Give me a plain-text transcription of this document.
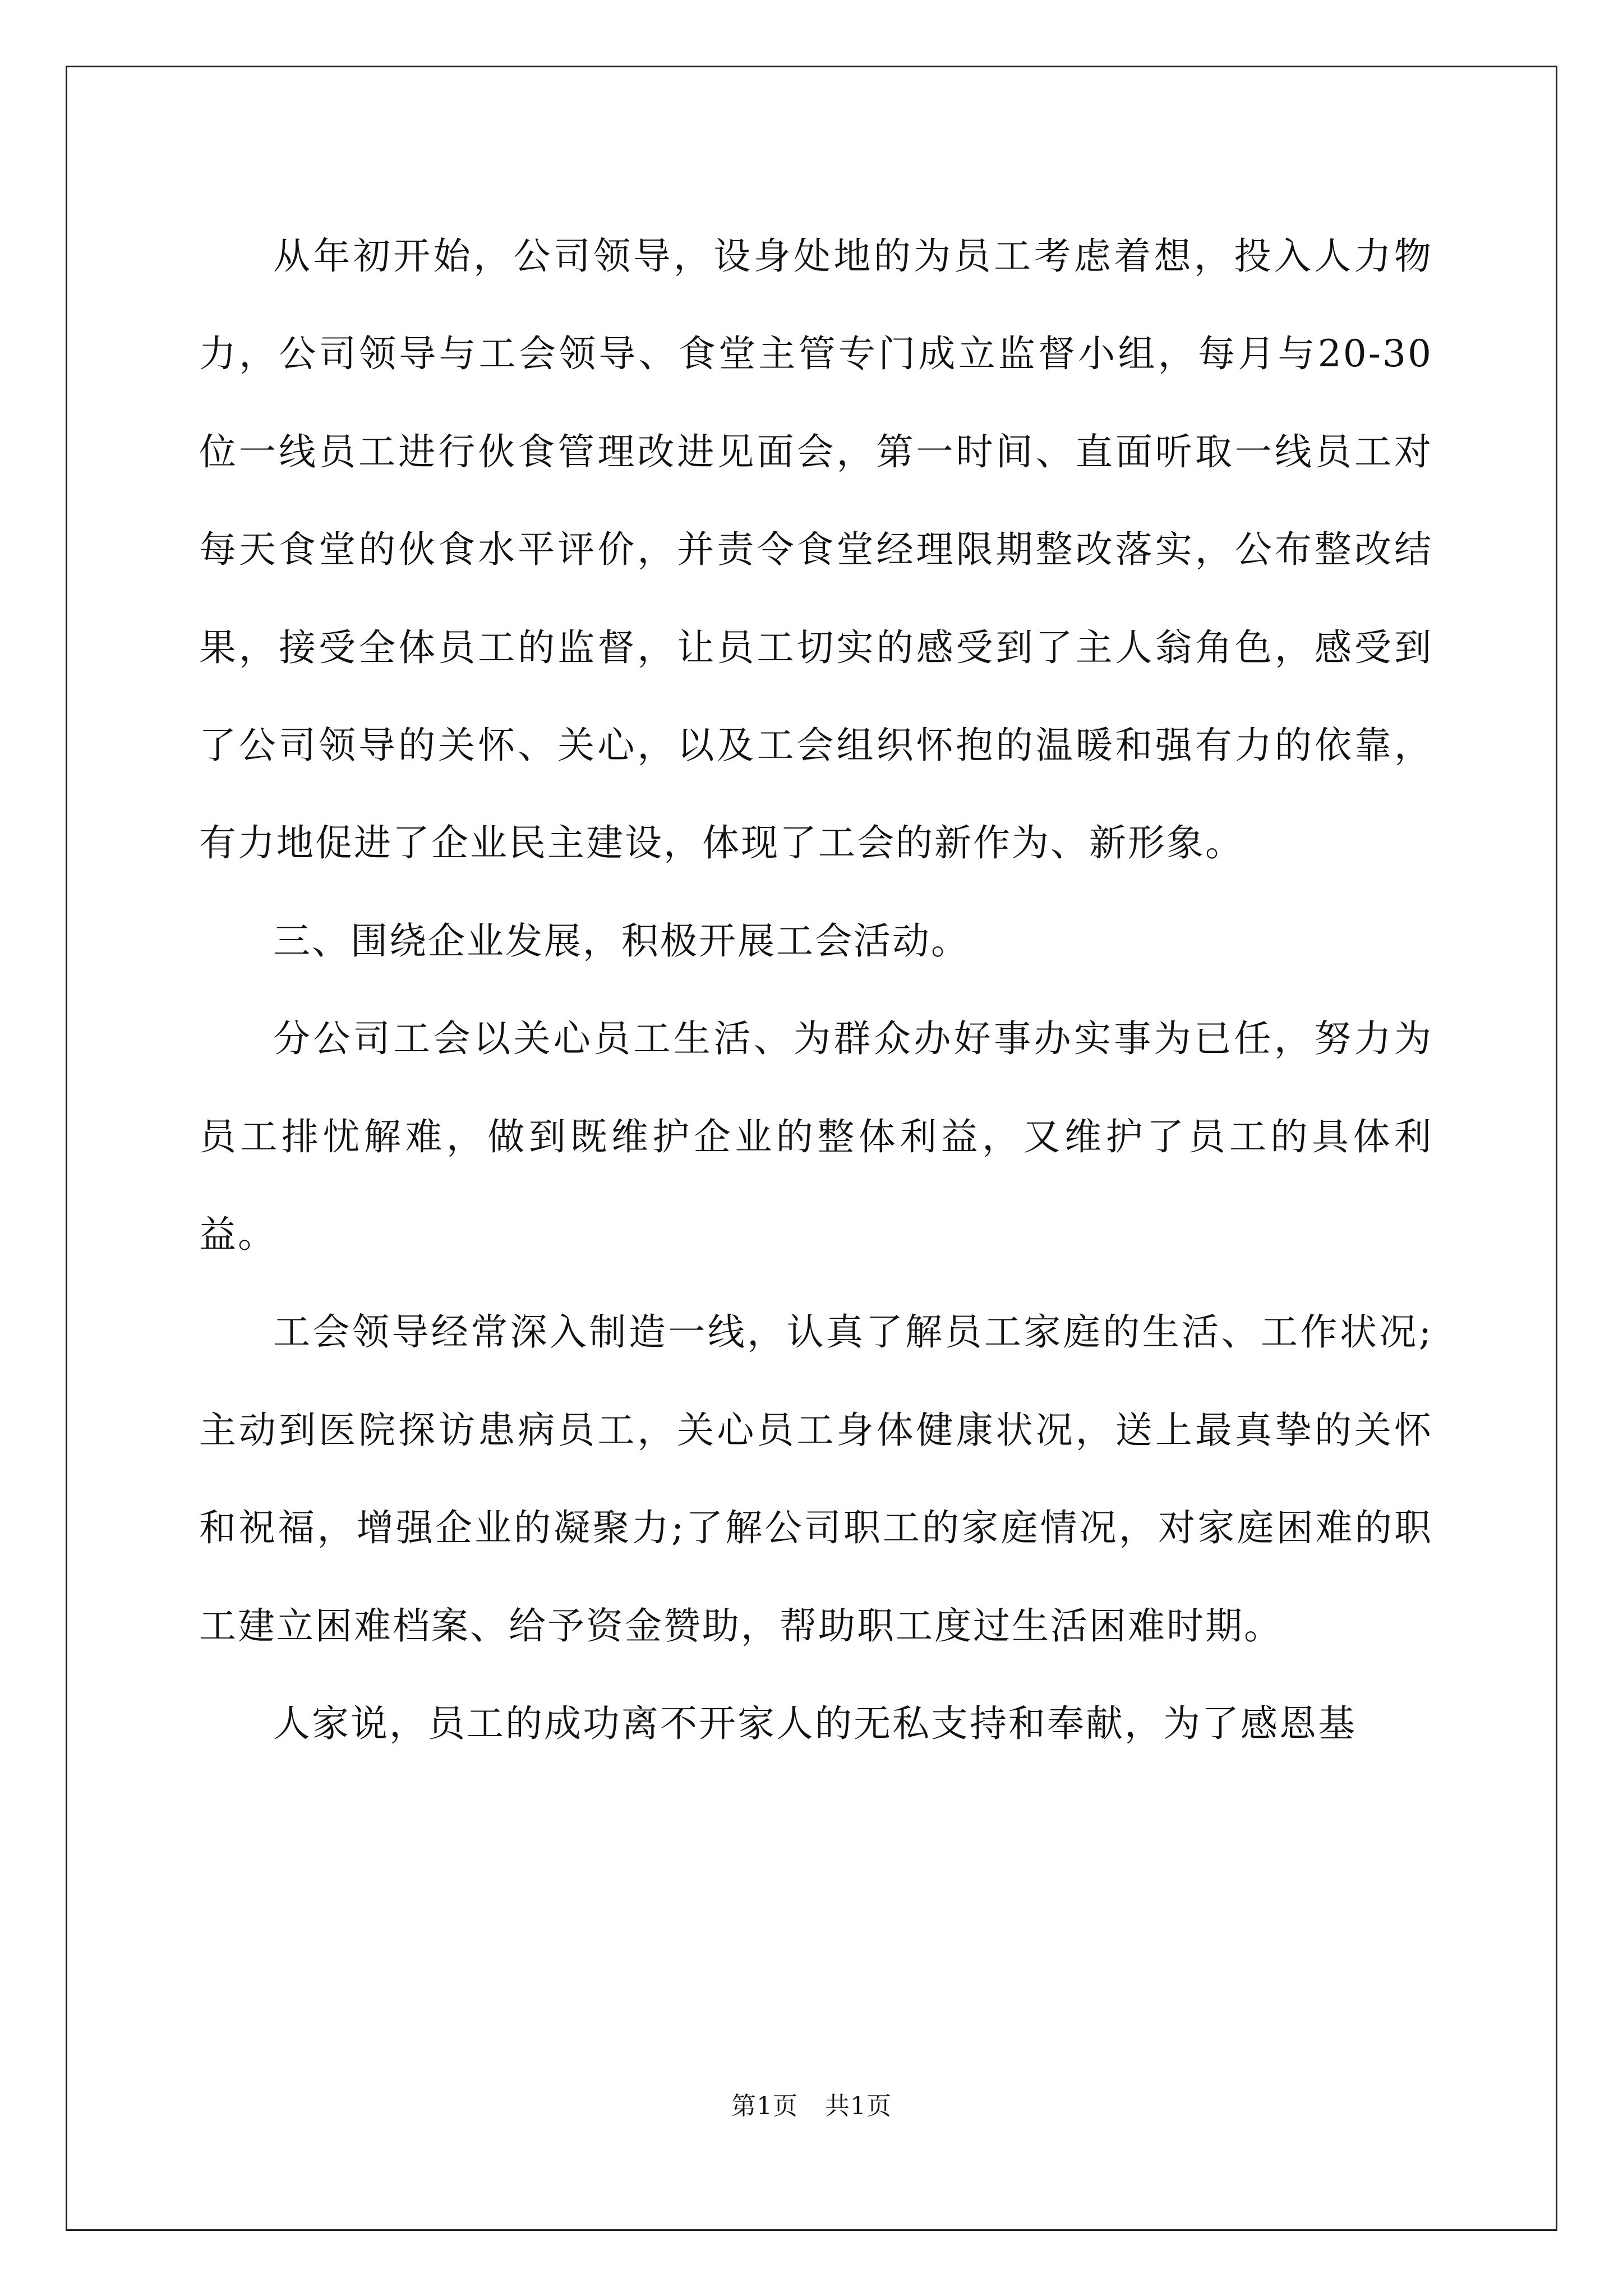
从年初开始，公司领导，设身处地的为员工考虑着想，投入人力物力，公司领导与工会领导、食堂主管专门成立监督小组，每月与20-30位一线员工进行伙食管理改进见面会，第一时间、直面听取一线员工对每天食堂的伙食水平评价，并责令食堂经理限期整改落实，公布整改结果，接受全体员工的监督，让员工切实的感受到了主人翁角色，感受到了公司领导的关怀、关心，以及工会组织怀抱的温暖和强有力的依靠，有力地促进了企业民主建设，体现了工会的新作为、新形象。

三、围绕企业发展，积极开展工会活动。

分公司工会以关心员工生活、为群众办好事办实事为已任，努力为员工排忧解难，做到既维护企业的整体利益，又维护了员工的具体利益。

工会领导经常深入制造一线，认真了解员工家庭的生活、工作状况;主动到医院探访患病员工，关心员工身体健康状况，送上最真挚的关怀和祝福，增强企业的凝聚力;了解公司职工的家庭情况，对家庭困难的职工建立困难档案、给予资金赞助，帮助职工度过生活困难时期。

人家说，员工的成功离不开家人的无私支持和奉献，为了感恩基

第1页 共1页
